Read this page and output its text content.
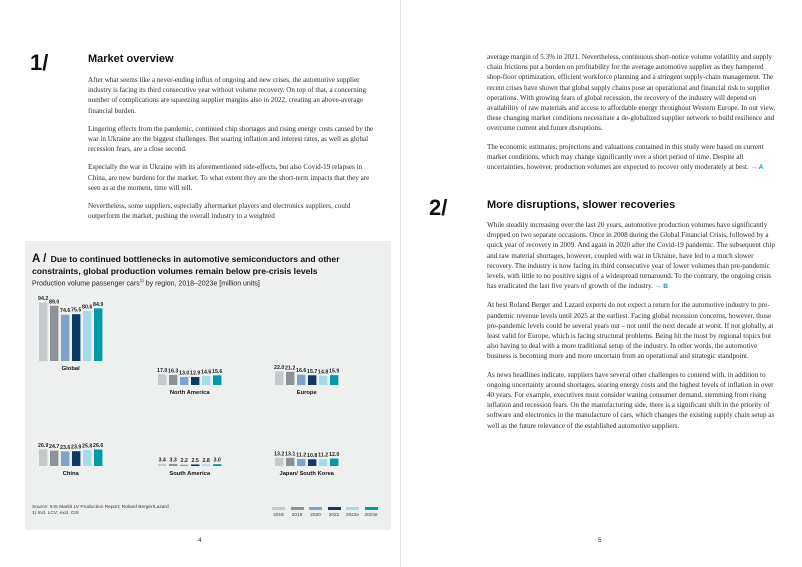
1/	Market overview

After what seems like a never-ending influx of ongoing and new crises, the automotive supplier industry is facing its third consecutive year without volume recovery. On top of that, a concerning number of complications are squeezing supplier margins also in 2022, creating an above-average financial burden.

Lingering effects from the pandemic, continued chip shortages and rising energy costs caused by the war in Ukraine are the biggest challenges. But soaring inflation and interest rates, as well as global recession fears, are a close second.

Especially the war in Ukraine with its aforementioned side-effects, but also Covid-19 relapses in China, are new burdens for the market. To what extent they are the short-term impacts that they are seen as at the moment, time will tell.

Nevertheless, some suppliers, especially aftermarket players and electronics suppliers, could outperform the market, pushing the overall industry to a weighted

A / Due to continued bottlenecks in automotive semiconductors and other constraints, global production volumes remain below pre-crisis levels
Production volume passenger cars$^{1)}$ by region, 2018–2023e [million units]
94.2
89.0
74.6 75.5
80.6 84.9
Global	17.0 16.3 13.0 12.9 14.6 15.6
North America
22.0 21.2 16.6 15.7 14.8 15.9
Europe
26.9 24.7 23.6 23.9 25.8 26.6
China
3.4 3.3 2.2 2.5 2.8 3.0
South America
13.2 13.1 11.2 10.8 11.2 12.0
Japan/ South Korea
Source: IHS Markit LV Production Report; Roland Berger/Lazard
1) Incl. LCV; excl. CIS	2018	2019	2020	2021	2022e	2023e
4

average margin of 5.3% in 2021. Nevertheless, continuous short-notice volume volatility and supply chain frictions put a burden on profitability for the average automotive supplier as they hampered shop-floor optimization, efficient workforce planning and a stringent supply-chain management. The recent crises have shown that global supply chains pose an operational and financial risk to supplier operations. With growing fears of global recession, the recovery of the industry will depend on availability of raw materials and access to affordable energy throughout Western Europe. In our view, these changing market conditions necessitate a de-globalized supplier network to build resilience and overcome current and future disruptions.

The economic estimates, projections and valuations contained in this study were based on current market conditions, which may change significantly over a short period of time. Despite all uncertainties, however, production volumes are expected to recover only moderately at best. → A

2/	More disruptions, slower recoveries

While steadily increasing over the last 20 years, automotive production volumes have significantly dropped on two separate occasions. Once in 2008 during the Global Financial Crisis, followed by a quick year of recovery in 2009. And again in 2020 after the Covid-19 pandemic. The subsequent chip and raw material shortages, however, coupled with war in Ukraine, have led to a much slower recovery. The industry is now facing its third consecutive year of lower volumes than pre-pandemic levels, with little to no positive signs of a widespread turnaround. To the contrary, the ongoing crisis has eradicated the last five years of growth of the industry. → B

At best Roland Berger and Lazard experts do not expect a return for the automotive industry to pre-pandemic revenue levels until 2025 at the earliest. Facing global recession concerns, however, those pre-pandemic levels could be several years out – not until the next decade at worst. If not globally, at least valid for Europe, which is facing structural problems. Being hit the most by regional topics but also having to deal with a more traditional setup of the industry. In other words, the automotive business is becoming more and more uncertain from an operational and strategic standpoint.

As news headlines indicate, suppliers have several other challenges to contend with, in addition to ongoing uncertainty around shortages, soaring energy costs and the highest levels of inflation in over 40 years. For example, executives must consider waning consumer demand, stemming from rising inflation and recession fears. On the manufacturing side, there is a significant shift in the priority of software and electronics in the manufacture of cars, which changes the existing supply chain setup as well as the future relevance of the established automotive suppliers.

5
